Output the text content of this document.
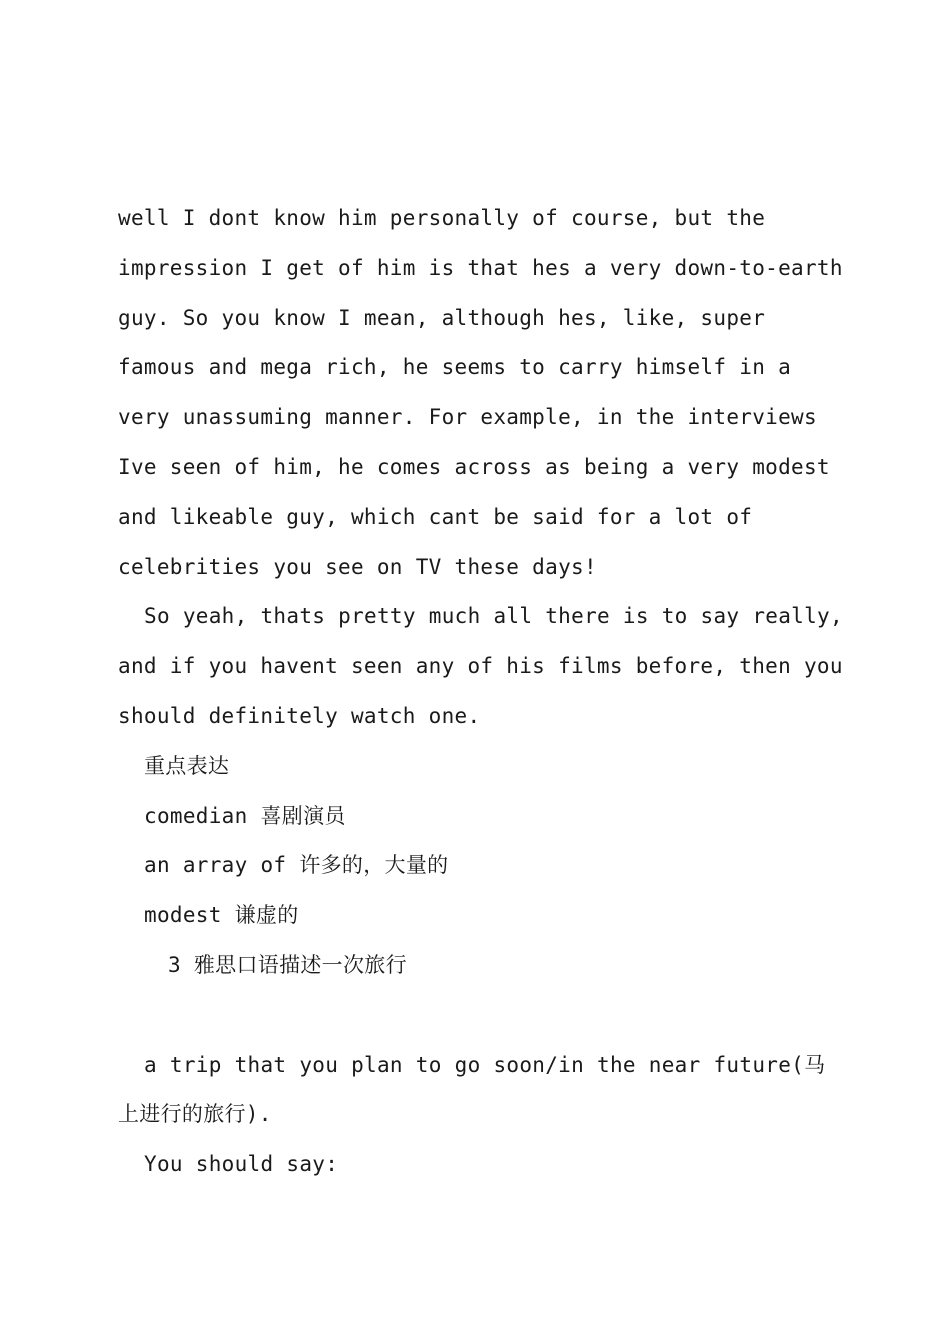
well I dont know him personally of course, but the
impression I get of him is that hes a very down-to-earth
guy. So you know I mean, although hes, like, super
famous and mega rich, he seems to carry himself in a
very unassuming manner. For example, in the interviews
Ive seen of him, he comes across as being a very modest
and likeable guy, which cant be said for a lot of
celebrities you see on TV these days!
So yeah, thats pretty much all there is to say really,
and if you havent seen any of his films before, then you
should definitely watch one.
重点表达
comedian 喜剧演员
an array of 许多的，大量的
modest 谦虚的
3 雅思口语描述一次旅行
a trip that you plan to go soon/in the near future(马
上进行的旅行).
You should say:
